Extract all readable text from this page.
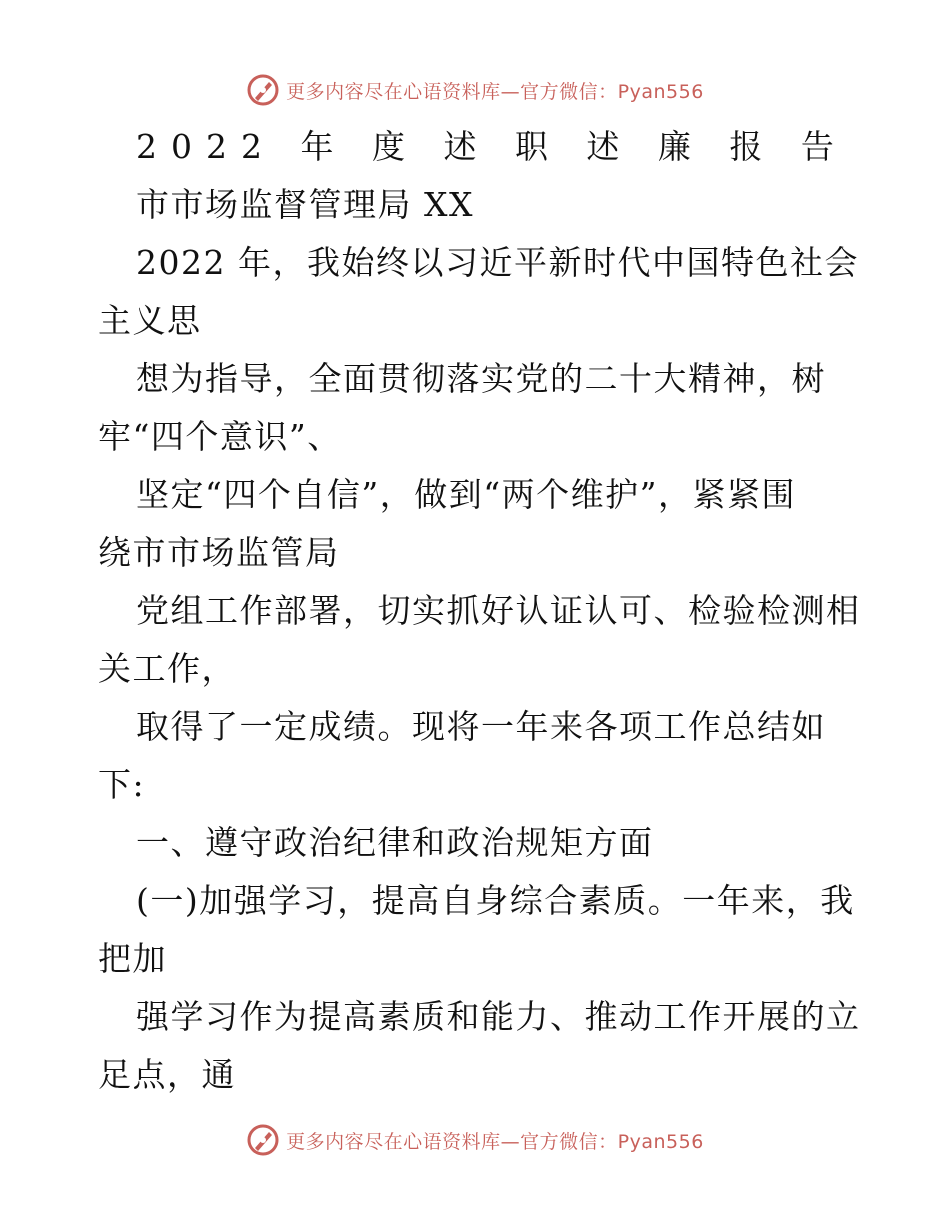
更多内容尽在心语资料库—官方微信：Pyan556
2022 年 度 述 职 述 廉 报 告
市市场监督管理局 XX
2022 年，我始终以习近平新时代中国特色社会
主义思
想为指导，全面贯彻落实党的二十大精神，树
牢“四个意识”、
坚定“四个自信”，做到“两个维护”，紧紧围
绕市市场监管局
党组工作部署，切实抓好认证认可、检验检测相
关工作，
取得了一定成绩。现将一年来各项工作总结如
下:
一、遵守政治纪律和政治规矩方面
(一)加强学习，提高自身综合素质。一年来，我
把加
强学习作为提高素质和能力、推动工作开展的立
足点，通
更多内容尽在心语资料库—官方微信：Pyan556
